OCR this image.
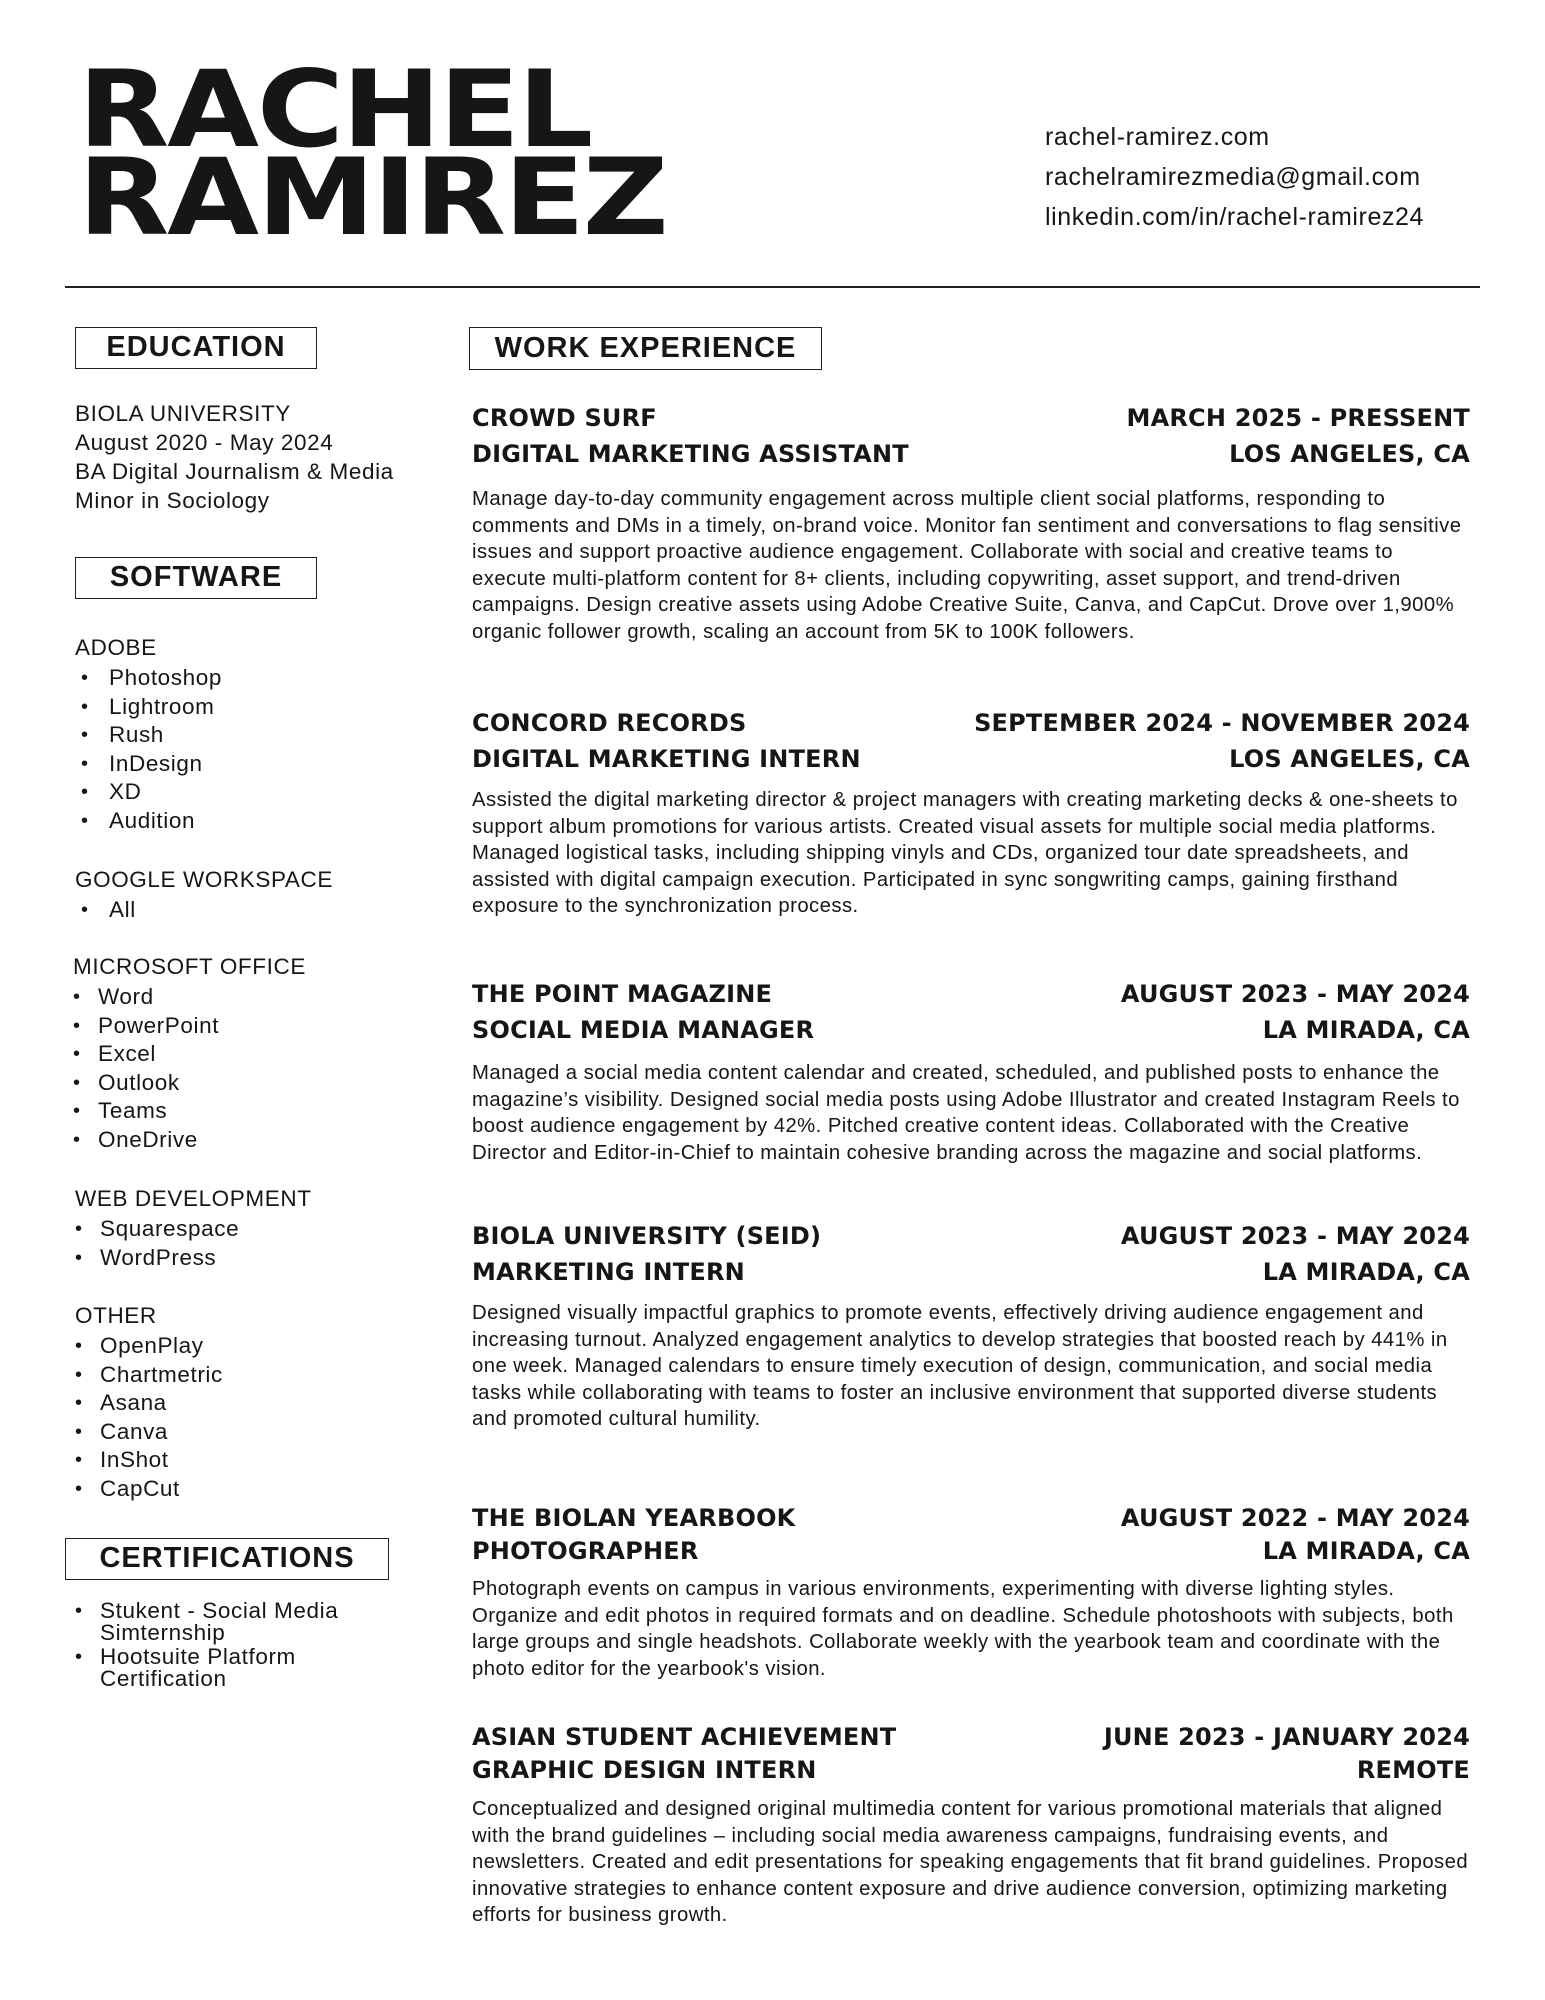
RACHEL
RAMIREZ	rachel-ramirez.com
rachelramirezmedia@gmail.com
linkedin.com/in/rachel-ramirez24
EDUCATION
BIOLA UNIVERSITY
August 2020 - May 2024
BA Digital Journalism & Media
Minor in Sociology
SOFTWARE
ADOBE
• Photoshop
• Lightroom
• Rush
• InDesign
• XD
• Audition
GOOGLE WORKSPACE
• All
MICROSOFT OFFICE
• Word
• PowerPoint
• Excel
• Outlook
• Teams
• OneDrive
WEB DEVELOPMENT
• Squarespace
• WordPress
OTHER
• OpenPlay
• Chartmetric
• Asana
• Canva
• InShot
• CapCut
CERTIFICATIONS
• Stukent - Social Media Simternship
• Hootsuite Platform Certification
WORK EXPERIENCE
CROWD SURF	MARCH 2025 - PRESSENT
DIGITAL MARKETING ASSISTANT	LOS ANGELES, CA
Manage day-to-day community engagement across multiple client social platforms, responding to comments and DMs in a timely, on-brand voice. Monitor fan sentiment and conversations to flag sensitive issues and support proactive audience engagement. Collaborate with social and creative teams to execute multi-platform content for 8+ clients, including copywriting, asset support, and trend-driven campaigns. Design creative assets using Adobe Creative Suite, Canva, and CapCut. Drove over 1,900% organic follower growth, scaling an account from 5K to 100K followers.
CONCORD RECORDS	SEPTEMBER 2024 - NOVEMBER 2024
DIGITAL MARKETING INTERN	LOS ANGELES, CA
Assisted the digital marketing director & project managers with creating marketing decks & one-sheets to support album promotions for various artists. Created visual assets for multiple social media platforms. Managed logistical tasks, including shipping vinyls and CDs, organized tour date spreadsheets, and assisted with digital campaign execution. Participated in sync songwriting camps, gaining firsthand exposure to the synchronization process.
THE POINT MAGAZINE	AUGUST 2023 - MAY 2024
SOCIAL MEDIA MANAGER	LA MIRADA, CA
Managed a social media content calendar and created, scheduled, and published posts to enhance the magazine’s visibility. Designed social media posts using Adobe Illustrator and created Instagram Reels to boost audience engagement by 42%. Pitched creative content ideas. Collaborated with the Creative Director and Editor-in-Chief to maintain cohesive branding across the magazine and social platforms.
BIOLA UNIVERSITY (SEID)	AUGUST 2023 - MAY 2024
MARKETING INTERN	LA MIRADA, CA
Designed visually impactful graphics to promote events, effectively driving audience engagement and increasing turnout. Analyzed engagement analytics to develop strategies that boosted reach by 441% in one week. Managed calendars to ensure timely execution of design, communication, and social media tasks while collaborating with teams to foster an inclusive environment that supported diverse students and promoted cultural humility.
THE BIOLAN YEARBOOK	AUGUST 2022 - MAY 2024
PHOTOGRAPHER	LA MIRADA, CA
Photograph events on campus in various environments, experimenting with diverse lighting styles. Organize and edit photos in required formats and on deadline. Schedule photoshoots with subjects, both large groups and single headshots. Collaborate weekly with the yearbook team and coordinate with the photo editor for the yearbook's vision.
ASIAN STUDENT ACHIEVEMENT	JUNE 2023 - JANUARY 2024
GRAPHIC DESIGN INTERN	REMOTE
Conceptualized and designed original multimedia content for various promotional materials that aligned with the brand guidelines – including social media awareness campaigns, fundraising events, and newsletters. Created and edit presentations for speaking engagements that fit brand guidelines. Proposed innovative strategies to enhance content exposure and drive audience conversion, optimizing marketing efforts for business growth.
